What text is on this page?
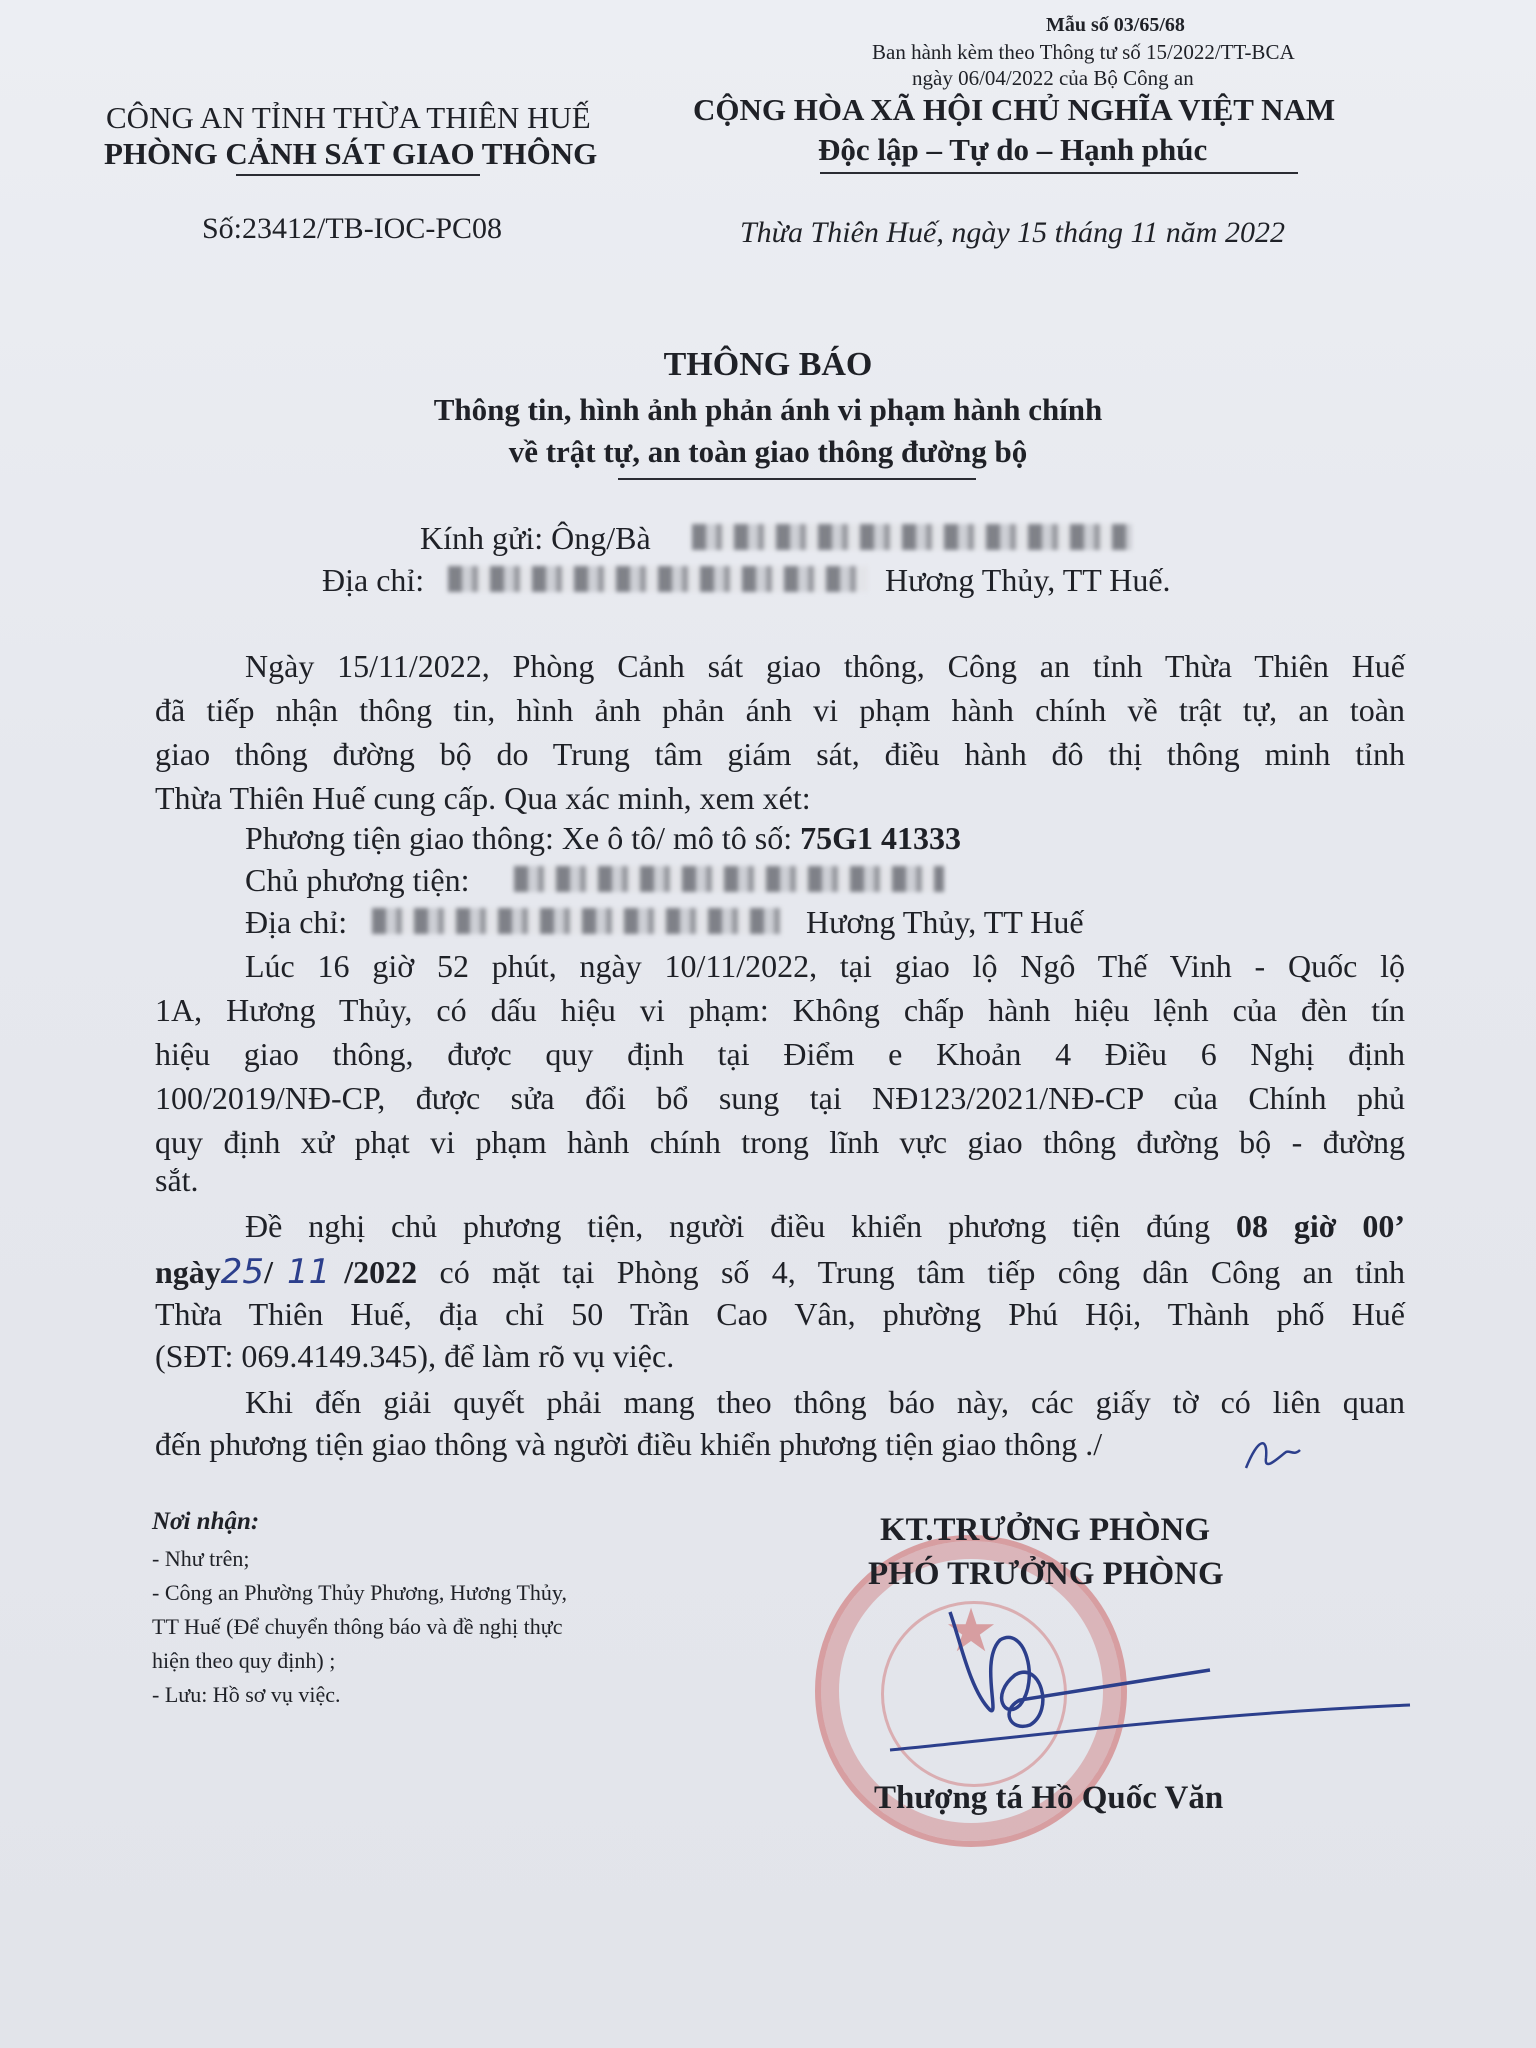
Mẫu số 03/65/68
Ban hành kèm theo Thông tư số 15/2022/TT-BCA
ngày 06/04/2022 của Bộ Công an
CÔNG AN TỈNH THỪA THIÊN HUẾ
PHÒNG CẢNH SÁT GIAO THÔNG
Số:23412/TB-IOC-PC08
CỘNG HÒA XÃ HỘI CHỦ NGHĨA VIỆT NAM
Độc lập – Tự do – Hạnh phúc
Thừa Thiên Huế, ngày 15 tháng 11 năm 2022
THÔNG BÁO
Thông tin, hình ảnh phản ánh vi phạm hành chính
về trật tự, an toàn giao thông đường bộ
Kính gửi: Ông/Bà
Địa chỉ:	Hương Thủy, TT Huế.
Ngày 15/11/2022, Phòng Cảnh sát giao thông, Công an tỉnh Thừa Thiên Huế
đã tiếp nhận thông tin, hình ảnh phản ánh vi phạm hành chính về trật tự, an toàn
giao thông đường bộ do Trung tâm giám sát, điều hành đô thị thông minh tỉnh
Thừa Thiên Huế cung cấp. Qua xác minh, xem xét:
Phương tiện giao thông: Xe ô tô/ mô tô số: 75G1 41333
Chủ phương tiện:
Địa chỉ:	Hương Thủy, TT Huế
Lúc 16 giờ 52 phút, ngày 10/11/2022, tại giao lộ Ngô Thế Vinh - Quốc lộ
1A, Hương Thủy, có dấu hiệu vi phạm: Không chấp hành hiệu lệnh của đèn tín
hiệu giao thông, được quy định tại Điểm e Khoản 4 Điều 6 Nghị định
100/2019/NĐ-CP, được sửa đổi bổ sung tại NĐ123/2021/NĐ-CP của Chính phủ
quy định xử phạt vi phạm hành chính trong lĩnh vực giao thông đường bộ - đường
sắt.
Đề nghị chủ phương tiện, người điều khiển phương tiện đúng 08 giờ 00’
ngày25/ 11 /2022 có mặt tại Phòng số 4, Trung tâm tiếp công dân Công an tỉnh
Thừa Thiên Huế, địa chỉ 50 Trần Cao Vân, phường Phú Hội, Thành phố Huế
(SĐT: 069.4149.345), để làm rõ vụ việc.
Khi đến giải quyết phải mang theo thông báo này, các giấy tờ có liên quan
đến phương tiện giao thông và người điều khiển phương tiện giao thông ./
Nơi nhận:
- Như trên;
- Công an Phường Thủy Phương, Hương Thủy,
TT Huế (Để chuyển thông báo và đề nghị thực
hiện theo quy định) ;
- Lưu: Hồ sơ vụ việc.
★
KT.TRƯỞNG PHÒNG
PHÓ TRƯỞNG PHÒNG
Thượng tá Hồ Quốc Văn
